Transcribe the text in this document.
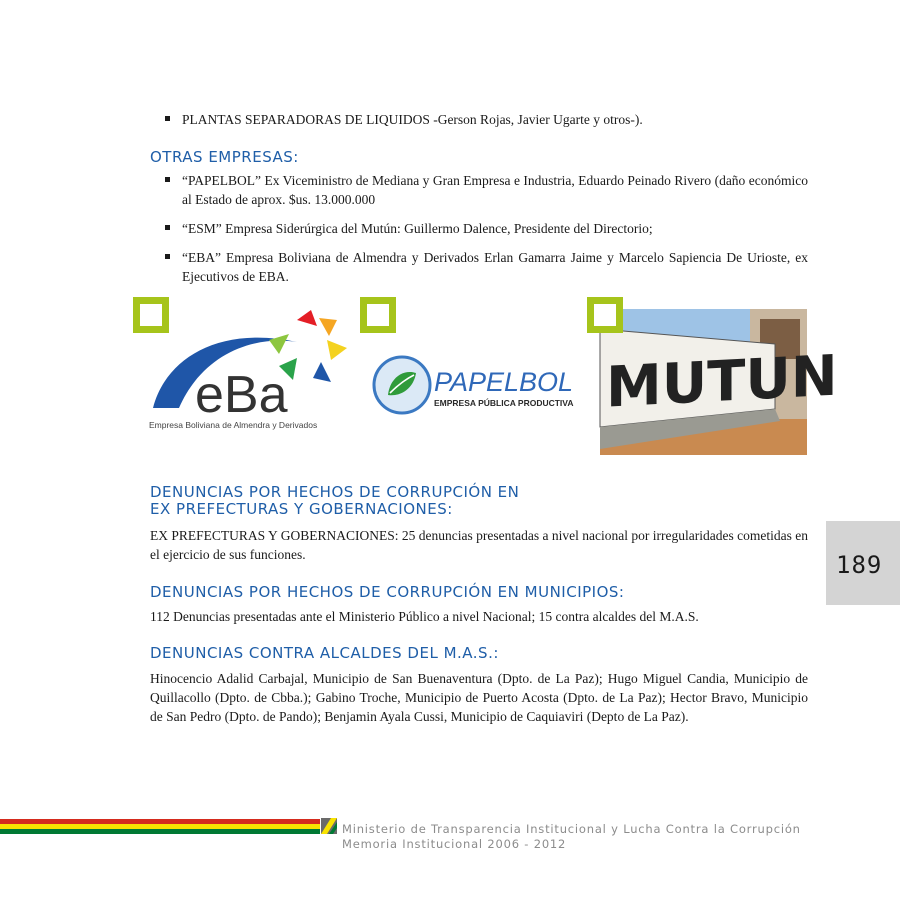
PLANTAS SEPARADORAS DE LIQUIDOS -Gerson Rojas, Javier Ugarte y otros-).
OTRAS EMPRESAS:
“PAPELBOL” Ex Viceministro de Mediana y Gran Empresa e Industria, Eduardo Peinado Rivero (daño económico al Estado de aprox. $us. 13.000.000
“ESM” Empresa Siderúrgica del Mutún: Guillermo Dalence, Presidente del Directorio;
“EBA” Empresa Boliviana de Almendra y Derivados Erlan Gamarra Jaime y Marcelo Sapiencia De Urioste, ex Ejecutivos de EBA.
eBa
Empresa Boliviana de Almendra y Derivados
PAPELBOL
EMPRESA PÚBLICA PRODUCTIVA MUTUN
DENUNCIAS POR HECHOS DE CORRUPCIÓN EN
EX PREFECTURAS Y GOBERNACIONES:
EX PREFECTURAS Y GOBERNACIONES: 25 denuncias presentadas a nivel nacional por irregularidades cometidas en el ejercicio de sus funciones.	189
DENUNCIAS POR HECHOS DE CORRUPCIÓN EN MUNICIPIOS:
112 Denuncias presentadas ante el Ministerio Público a nivel Nacional; 15 contra alcaldes del M.A.S.
DENUNCIAS CONTRA ALCALDES DEL M.A.S.:
Hinocencio Adalid Carbajal, Municipio de San Buenaventura (Dpto. de La Paz); Hugo Miguel Candia, Municipio de Quillacollo (Dpto. de Cbba.); Gabino Troche, Municipio de Puerto Acosta (Dpto. de La Paz); Hector Bravo, Municipio de San Pedro (Dpto. de Pando); Benjamin Ayala Cussi, Municipio de Caquiaviri (Depto de La Paz).
Ministerio de Transparencia Institucional y Lucha Contra la Corrupción
Memoria Institucional 2006 - 2012
